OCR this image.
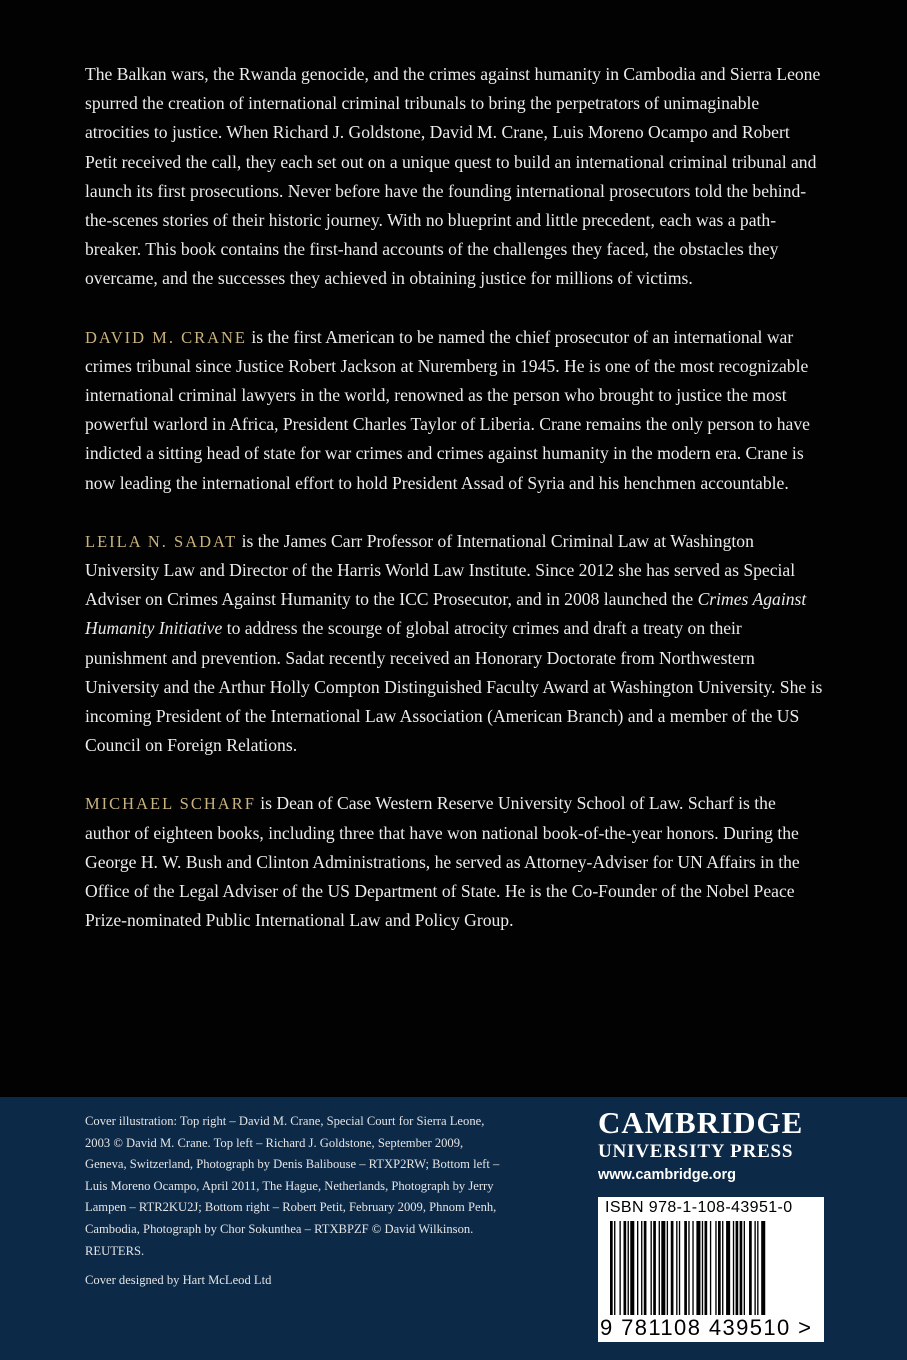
The Balkan wars, the Rwanda genocide, and the crimes against humanity in Cambodia and Sierra Leone spurred the creation of international criminal tribunals to bring the perpetrators of unimaginable atrocities to justice. When Richard J. Goldstone, David M. Crane, Luis Moreno Ocampo and Robert Petit received the call, they each set out on a unique quest to build an international criminal tribunal and launch its first prosecutions. Never before have the founding international prosecutors told the behind-the-scenes stories of their historic journey. With no blueprint and little precedent, each was a path-breaker. This book contains the first-hand accounts of the challenges they faced, the obstacles they overcame, and the successes they achieved in obtaining justice for millions of victims.

DAVID M. CRANE is the first American to be named the chief prosecutor of an international war crimes tribunal since Justice Robert Jackson at Nuremberg in 1945. He is one of the most recognizable international criminal lawyers in the world, renowned as the person who brought to justice the most powerful warlord in Africa, President Charles Taylor of Liberia. Crane remains the only person to have indicted a sitting head of state for war crimes and crimes against humanity in the modern era. Crane is now leading the international effort to hold President Assad of Syria and his henchmen accountable.

LEILA N. SADAT is the James Carr Professor of International Criminal Law at Washington University Law and Director of the Harris World Law Institute. Since 2012 she has served as Special Adviser on Crimes Against Humanity to the ICC Prosecutor, and in 2008 launched the Crimes Against Humanity Initiative to address the scourge of global atrocity crimes and draft a treaty on their punishment and prevention. Sadat recently received an Honorary Doctorate from Northwestern University and the Arthur Holly Compton Distinguished Faculty Award at Washington University. She is incoming President of the International Law Association (American Branch) and a member of the US Council on Foreign Relations.

MICHAEL SCHARF is Dean of Case Western Reserve University School of Law. Scharf is the author of eighteen books, including three that have won national book-of-the-year honors. During the George H. W. Bush and Clinton Administrations, he served as Attorney-Adviser for UN Affairs in the Office of the Legal Adviser of the US Department of State. He is the Co-Founder of the Nobel Peace Prize-nominated Public International Law and Policy Group.

Cover illustration: Top right – David M. Crane, Special Court for Sierra Leone, 2003 © David M. Crane. Top left – Richard J. Goldstone, September 2009, Geneva, Switzerland, Photograph by Denis Balibouse – RTXP2RW; Bottom left – Luis Moreno Ocampo, April 2011, The Hague, Netherlands, Photograph by Jerry Lampen – RTR2KU2J; Bottom right – Robert Petit, February 2009, Phnom Penh, Cambodia, Photograph by Chor Sokunthea – RTXBPZF © David Wilkinson. REUTERS.

Cover designed by Hart McLeod Ltd

CAMBRIDGE
UNIVERSITY PRESS
www.cambridge.org
ISBN 978-1-108-43951-0
9 781108 439510 >
